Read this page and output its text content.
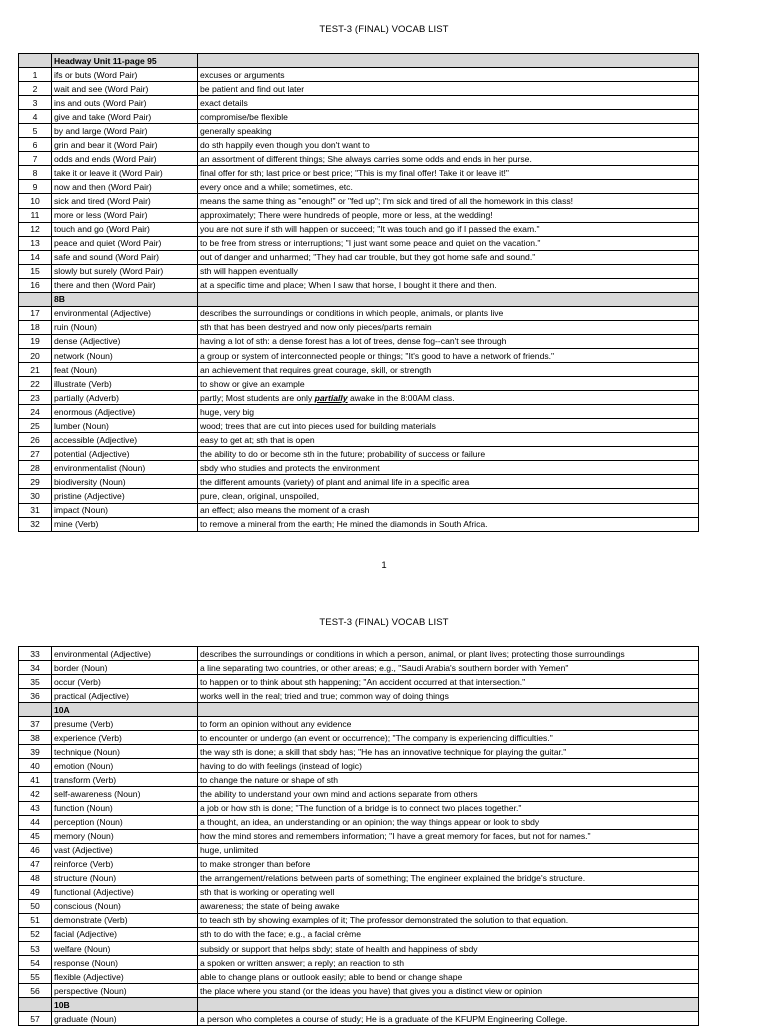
TEST-3 (FINAL) VOCAB LIST
	Headway Unit 11-page 95	
1	ifs or buts (Word Pair)	excuses or arguments
2	wait and see (Word Pair)	be patient and find out later
3	ins and outs (Word Pair)	exact details
4	give and take (Word Pair)	compromise/be flexible
5	by and large (Word Pair)	generally speaking
6	grin and bear it (Word Pair)	do sth happily even though you don't want to
7	odds and ends (Word Pair)	an assortment of different things; She always carries some odds and ends in her purse.
8	take it or leave it (Word Pair)	final offer for sth; last price or best price; "This is my final offer! Take it or leave it!"
9	now and then (Word Pair)	every once and a while; sometimes, etc.
10	sick and tired (Word Pair)	means the same thing as "enough!" or "fed up"; I'm sick and tired of all the homework in this class!
11	more or less (Word Pair)	approximately; There were hundreds of people, more or less, at the wedding!
12	touch and go (Word Pair)	you are not sure if sth will happen or succeed; "It was touch and go if I passed the exam."
13	peace and quiet (Word Pair)	to be free from stress or interruptions; "I just want some peace and quiet on the vacation."
14	safe and sound (Word Pair)	out of danger and unharmed; "They had car trouble, but they got home safe and sound."
15	slowly but surely (Word Pair)	sth will happen eventually
16	there and then (Word Pair)	at a specific time and place; When I saw that horse, I bought it there and then.
	8B	
17	environmental (Adjective)	describes the surroundings or conditions in which people, animals, or plants live
18	ruin (Noun)	sth that has been destryed and now only pieces/parts remain
19	dense (Adjective)	having a lot of sth: a dense forest has a lot of trees, dense fog--can't see through
20	network (Noun)	a group or system of interconnected people or things; "It's good to have a network of friends."
21	feat (Noun)	an achievement that requires great courage, skill, or strength
22	illustrate (Verb)	to show or give an example
23	partially (Adverb)	partly; Most students are only partially awake in the 8:00AM class.
24	enormous (Adjective)	huge, very big
25	lumber (Noun)	wood; trees that are cut into pieces used for building materials
26	accessible (Adjective)	easy to get at; sth that is open
27	potential (Adjective)	the ability to do or become sth in the future; probability of success or failure
28	environmentalist (Noun)	sbdy who studies and protects the environment
29	biodiversity (Noun)	the different amounts (variety) of plant and animal life in a specific area
30	pristine (Adjective)	pure, clean, original, unspoiled,
31	impact (Noun)	an effect; also means the moment of a crash
32	mine (Verb)	to remove a mineral from the earth; He mined the diamonds in South Africa.
1
TEST-3 (FINAL) VOCAB LIST
33	environmental (Adjective)	describes the surroundings or conditions in which a person, animal, or plant lives; protecting those surroundings
34	border (Noun)	a line separating two countries, or other areas; e.g., "Saudi Arabia's southern border with Yemen"
35	occur (Verb)	to happen or to think about sth happening; "An accident occurred at that intersection."
36	practical (Adjective)	works well in the real; tried and true; common way of doing things
	10A	
37	presume (Verb)	to form an opinion without any evidence
38	experience (Verb)	to encounter or undergo (an event or occurrence); "The company is experiencing difficulties."
39	technique (Noun)	the way sth is done; a skill that sbdy has; "He has an innovative technique for playing the guitar."
40	emotion (Noun)	having to do with feelings (instead of logic)
41	transform (Verb)	to change the nature or shape of sth
42	self-awareness (Noun)	the ability to understand your own mind and actions separate from others
43	function (Noun)	a job or how sth is done; "The function of a bridge is to connect two places together."
44	perception (Noun)	a thought, an idea, an understanding or an opinion; the way things appear or look to sbdy
45	memory (Noun)	how the mind stores and remembers information; "I have a great memory for faces, but not for names."
46	vast (Adjective)	huge, unlimited
47	reinforce (Verb)	to make stronger than before
48	structure (Noun)	the arrangement/relations between parts of something; The engineer explained the bridge's structure.
49	functional (Adjective)	sth that is working or operating well
50	conscious (Noun)	awareness; the state of being awake
51	demonstrate (Verb)	to teach sth by showing examples of it; The professor demonstrated the solution to that equation.
52	facial (Adjective)	sth to do with the face; e.g., a facial crème
53	welfare (Noun)	subsidy or support that helps sbdy; state of health and happiness of sbdy
54	response (Noun)	a spoken or written answer; a reply; an reaction to sth
55	flexible (Adjective)	able to change plans or outlook easily; able to bend or change shape
56	perspective (Noun)	the place where you stand (or the ideas you have) that gives you a distinct view or opinion
	10B	
57	graduate (Noun)	a person who completes a course of study; He is a graduate of the KFUPM Engineering College.
